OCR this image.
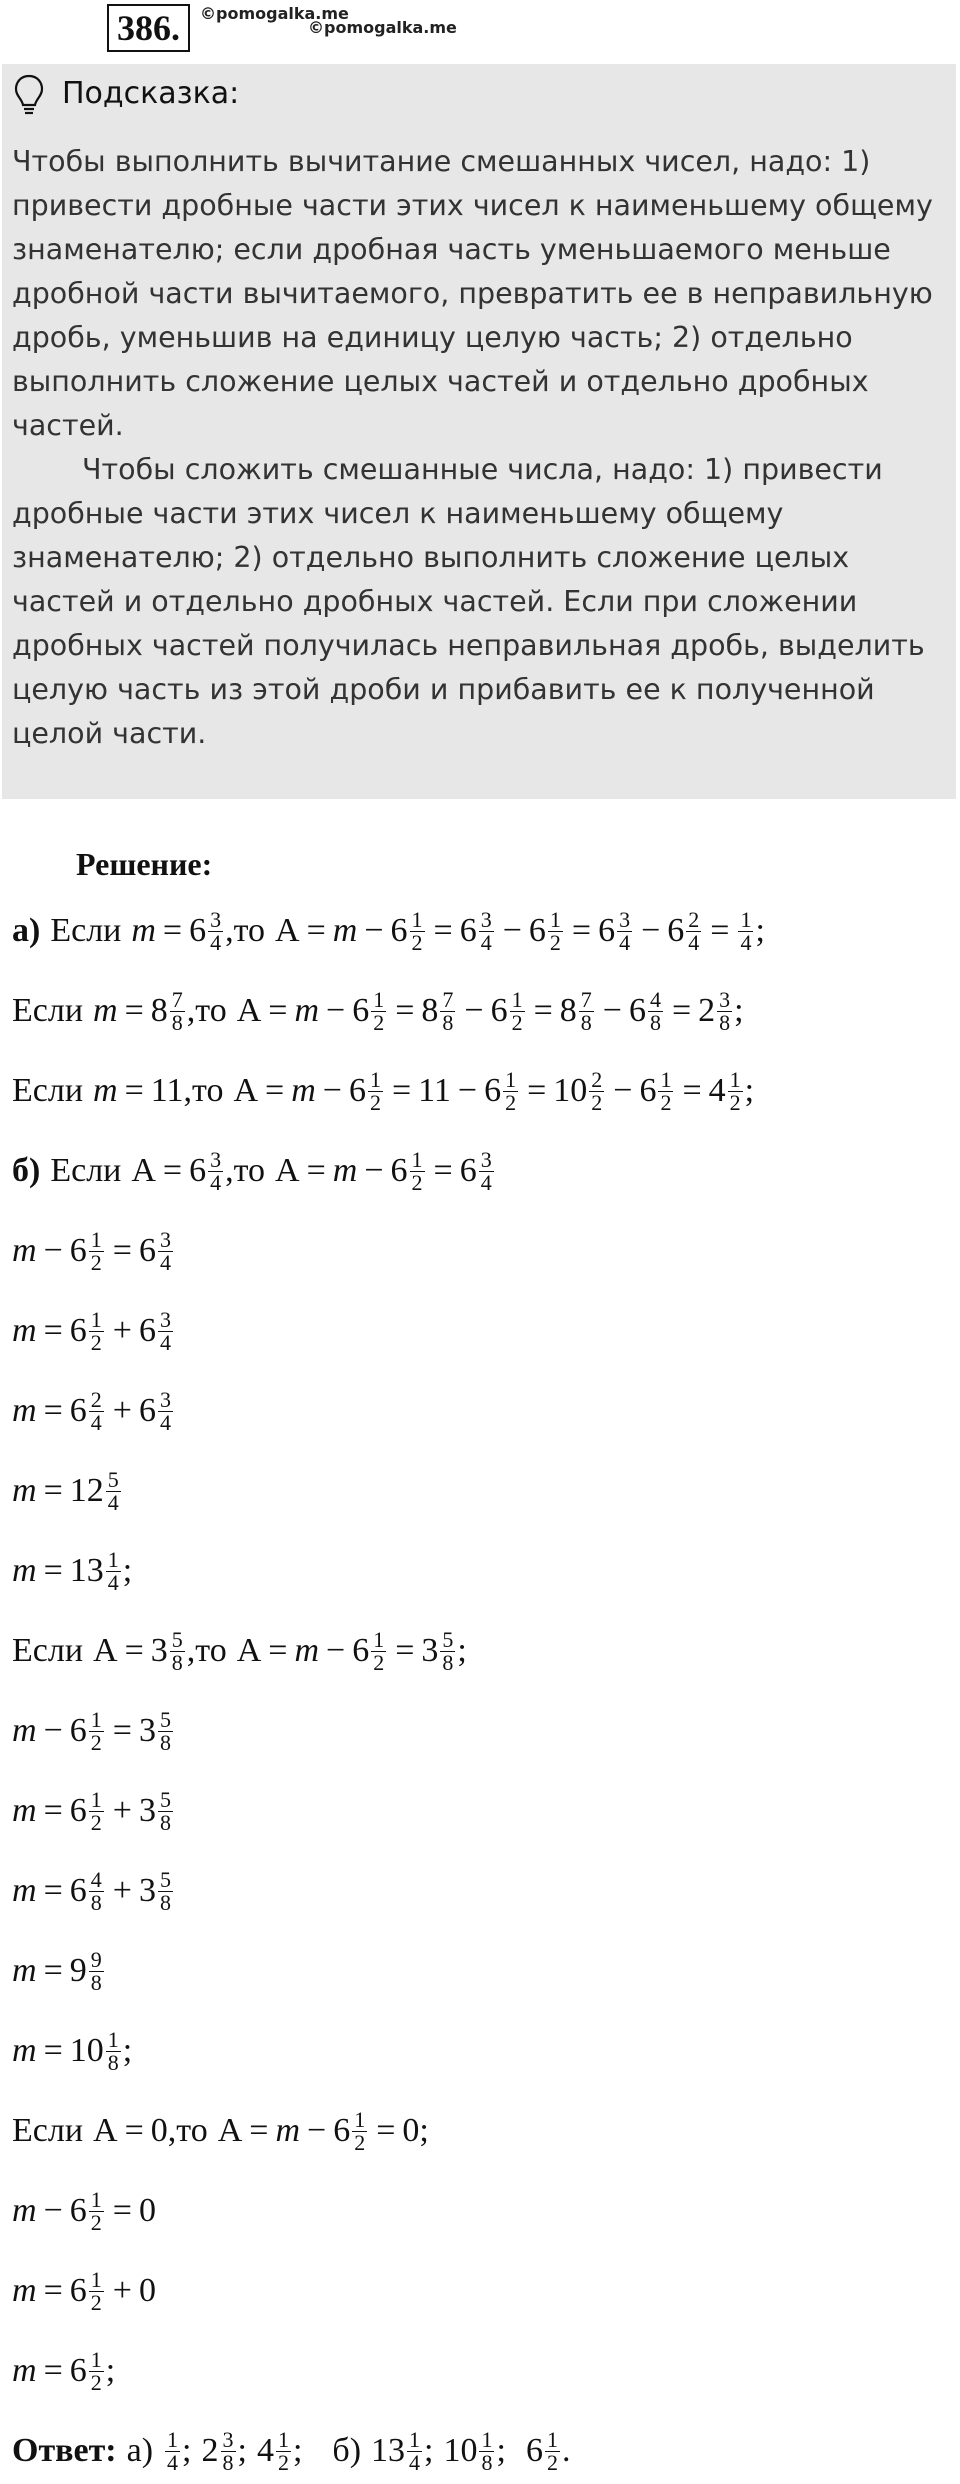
386.	©pomogalka.me
©pomogalka.me
Подсказка:

Чтобы выполнить вычитание смешанных чисел, надо: 1) привести дробные части этих чисел к наименьшему общему знаменателю; если дробная часть уменьшаемого меньше дробной части вычитаемого, превратить ее в неправильную дробь, уменьшив на единицу целую часть; 2) отдельно выполнить сложение целых частей и отдельно дробных частей.

Чтобы сложить смешанные числа, надо: 1) привести дробные части этих чисел к наименьшему общему знаменателю; 2) отдельно выполнить сложение целых частей и отдельно дробных частей. Если при сложении дробных частей получилась неправильная дробь, выделить целую часть из этой дроби и прибавить ее к полученной целой части.

Решение:
а) Если $m = 6 \frac{3}{4}$ , то $A = m - 6 \frac{1}{2} = 6 \frac{3}{4} - 6 \frac{1}{2} = 6 \frac{3}{4} - 6 \frac{2}{4} = \frac{1}{4}$ ;
Если $m = 8 \frac{7}{8}$ , то $A = m - 6 \frac{1}{2} = 8 \frac{7}{8} - 6 \frac{1}{2} = 8 \frac{7}{8} - 6 \frac{4}{8} = 2 \frac{3}{8}$ ;
Если m = 11 , то $A = m - 6 \frac{1}{2} = 11 - 6 \frac{1}{2} = 10 \frac{2}{2} - 6 \frac{1}{2} = 4 \frac{1}{2}$ ;
б) Если $A = 6 \frac{3}{4}$ , то $A = m - 6 \frac{1}{2} = 6 \frac{3}{4}$
$m - 6 \frac{1}{2} = 6 \frac{3}{4}$
$m = 6 \frac{1}{2} + 6 \frac{3}{4}$
$m = 6 \frac{2}{4} + 6 \frac{3}{4}$
$m = 12 \frac{5}{4}$
$m = 13 \frac{1}{4}$ ;
Если $A = 3 \frac{5}{8}$ , то $A = m - 6 \frac{1}{2} = 3 \frac{5}{8}$ ;
$m - 6 \frac{1}{2} = 3 \frac{5}{8}$
$m = 6 \frac{1}{2} + 3 \frac{5}{8}$
$m = 6 \frac{4}{8} + 3 \frac{5}{8}$
$m = 9 \frac{9}{8}$
$m = 10 \frac{1}{8}$ ;
Если A = 0 , то $A = m - 6 \frac{1}{2} = 0$ ;
$m - 6 \frac{1}{2} = 0$
$m = 6 \frac{1}{2} + 0$
$m = 6 \frac{1}{2}$ ;
Ответ: $а) \frac{1}{4}$ ; $2 \frac{3}{8}$ ; $4 \frac{1}{2}$ ; б) $13 \frac{1}{4}$ ; $10 \frac{1}{8}$ ; $6 \frac{1}{2}$ .
